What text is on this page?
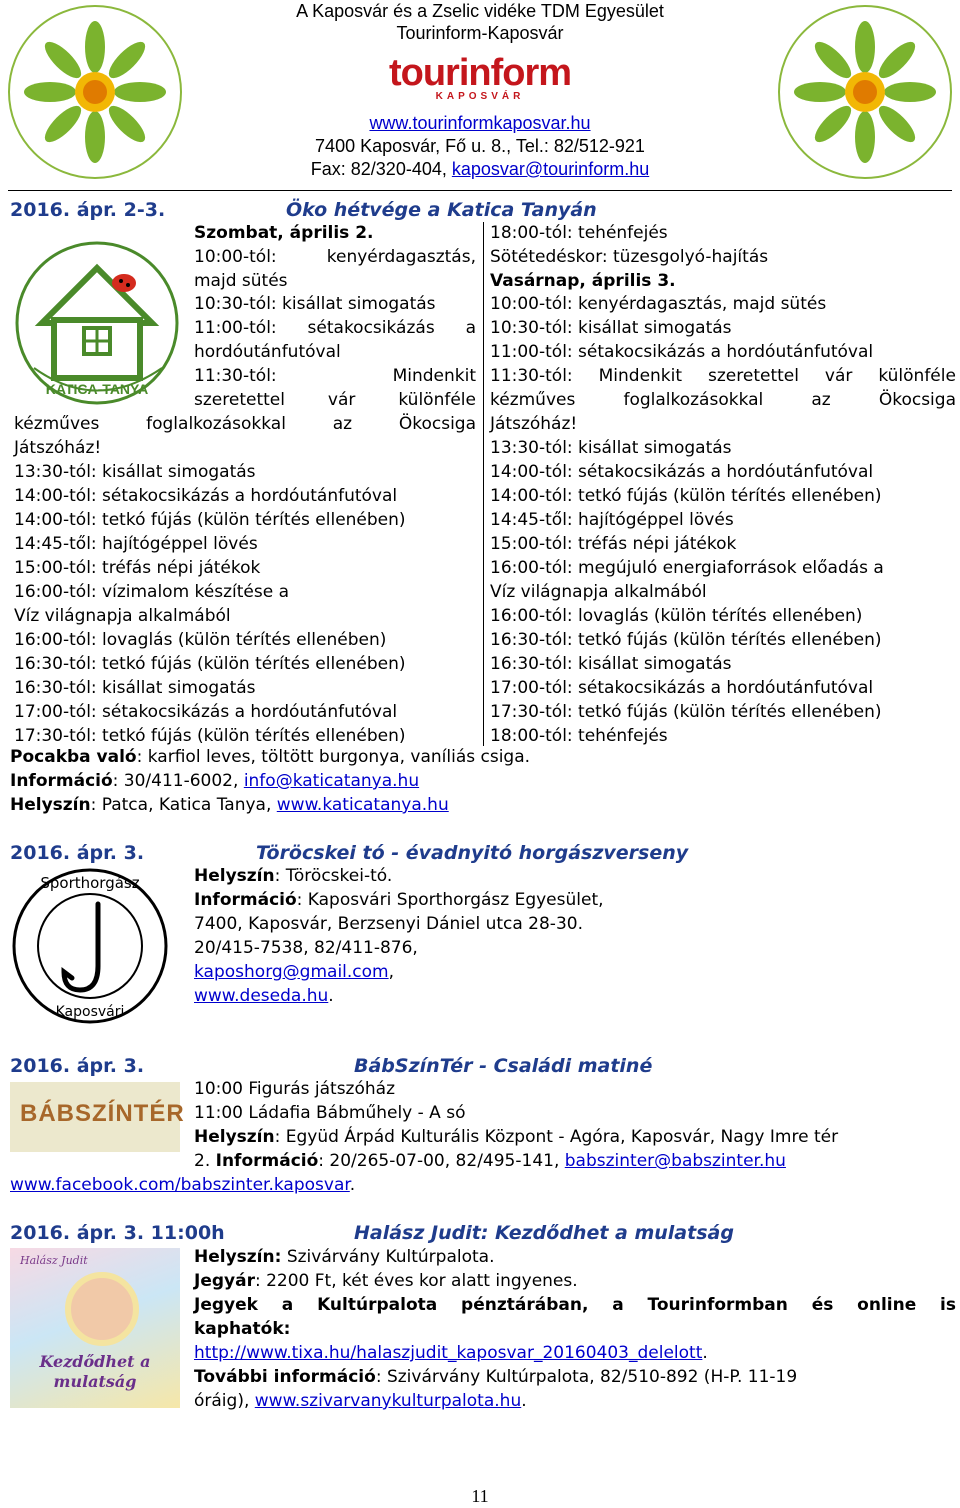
A Kaposvár és a Zselic vidéke TDM Egyesület
Tourinform-Kaposvár
tourinform
KAPOSVÁR
www.tourinformkaposvar.hu
7400 Kaposvár, Fő u. 8., Tel.: 82/512-921
Fax: 82/320-404, kaposvar@tourinform.hu
2016. ápr. 2-3.	Öko hétvége a Katica Tanyán
KATICA-TANYA
Szombat, április 2.
10:00-tól:	kenyérdagasztás,
majd sütés
10:30-tól: kisállat simogatás
11:00-tól: sétakocsikázás a
hordóutánfutóval
11:30-tól:	Mindenkit
szeretettel	vár	különféle
kézműves	foglalkozásokkal	az	Ökocsiga
Játszóház!
13:30-tól: kisállat simogatás
14:00-tól: sétakocsikázás a hordóutánfutóval
14:00-tól: tetkó fújás (külön térítés ellenében)
14:45-től: hajítógéppel lövés
15:00-tól: tréfás népi játékok
16:00-tól: vízimalom készítése a
Víz világnapja alkalmából
16:00-tól: lovaglás (külön térítés ellenében)
16:30-tól: tetkó fújás (külön térítés ellenében)
16:30-tól: kisállat simogatás
17:00-tól: sétakocsikázás a hordóutánfutóval
17:30-tól: tetkó fújás (külön térítés ellenében)
18:00-tól: tehénfejés
Sötétedéskor: tüzesgolyó-hajítás
Vasárnap, április 3.
10:00-tól: kenyérdagasztás, majd sütés
10:30-tól: kisállat simogatás
11:00-tól: sétakocsikázás a hordóutánfutóval
11:30-tól: Mindenkit szeretettel vár különféle
kézműves	foglalkozásokkal	az	Ökocsiga
Játszóház!
13:30-tól: kisállat simogatás
14:00-tól: sétakocsikázás a hordóutánfutóval
14:00-tól: tetkó fújás (külön térítés ellenében)
14:45-től: hajítógéppel lövés
15:00-tól: tréfás népi játékok
16:00-tól: megújuló energiaforrások előadás a
Víz világnapja alkalmából
16:00-tól: lovaglás (külön térítés ellenében)
16:30-tól: tetkó fújás (külön térítés ellenében)
16:30-tól: kisállat simogatás
17:00-tól: sétakocsikázás a hordóutánfutóval
17:30-tól: tetkó fújás (külön térítés ellenében)
18:00-tól: tehénfejés
Pocakba való: karfiol leves, töltött burgonya, vaníliás csiga.
Információ: 30/411-6002, info@katicatanya.hu
Helyszín: Patca, Katica Tanya, www.katicatanya.hu
2016. ápr. 3.	Töröcskei tó - évadnyitó horgászverseny
Sporthorgász
Kaposvári
Helyszín: Töröcskei-tó.
Információ: Kaposvári Sporthorgász Egyesület,
7400, Kaposvár, Berzsenyi Dániel utca 28-30.
20/415-7538, 82/411-876,
kaposhorg@gmail.com,
www.deseda.hu.
2016. ápr. 3.	BábSzínTér - Családi matiné
BÁBSZÍNTÉR
10:00 Figurás játszóház
11:00 Ládafia Bábműhely - A só
Helyszín: Együd Árpád Kulturális Központ - Agóra, Kaposvár, Nagy Imre tér
2. Információ: 20/265-07-00, 82/495-141, babszinter@babszinter.hu
www.facebook.com/babszinter.kaposvar.
2016. ápr. 3. 11:00h	Halász Judit: Kezdődhet a mulatság
Halász Judit
Kezdődhet a mulatság
Helyszín: Szivárvány Kultúrpalota.
Jegyár: 2200 Ft, két éves kor alatt ingyenes.
Jegyek a Kultúrpalota pénztárában, a Tourinformban és online is
kaphatók:
http://www.tixa.hu/halaszjudit_kaposvar_20160403_delelott.
További információ: Szivárvány Kultúrpalota, 82/510-892 (H-P. 11-19
óráig), www.szivarvanykulturpalota.hu.
11
